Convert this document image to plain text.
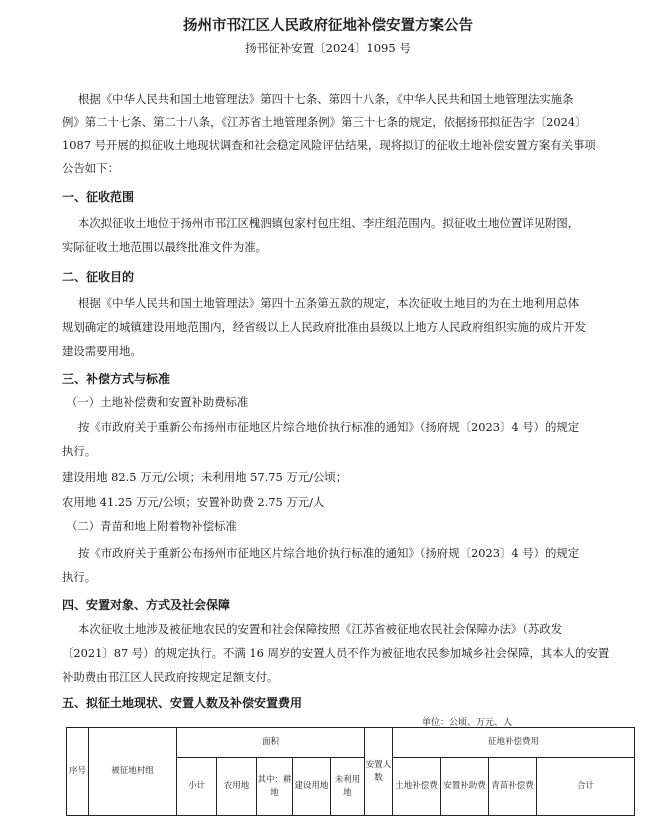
扬州市邗江区人民政府征地补偿安置方案公告
扬邗征补安置〔2024〕1095 号
根据《中华人民共和国土地管理法》第四十七条、第四十八条，《中华人民共和国土地管理法实施条
例》第二十七条、第二十八条，《江苏省土地管理条例》第三十七条的规定，依据扬邗拟征告字〔2024〕
1087 号开展的拟征收土地现状调查和社会稳定风险评估结果，现将拟订的征收土地补偿安置方案有关事项
公告如下：
一、征收范围
本次拟征收土地位于扬州市邗江区槐泗镇包家村包庄组、李庄组范围内。拟征收土地位置详见附图，
实际征收土地范围以最终批准文件为准。
二、征收目的
根据《中华人民共和国土地管理法》第四十五条第五款的规定，本次征收土地目的为在土地利用总体
规划确定的城镇建设用地范围内，经省级以上人民政府批准由县级以上地方人民政府组织实施的成片开发
建设需要用地。
三、补偿方式与标准
（一）土地补偿费和安置补助费标准
按《市政府关于重新公布扬州市征地区片综合地价执行标准的通知》（扬府规〔2023〕4 号）的规定
执行。
建设用地 82.5 万元/公顷；未利用地 57.75 万元/公顷；
农用地 41.25 万元/公顷；安置补助费 2.75 万元/人
（二）青苗和地上附着物补偿标准
按《市政府关于重新公布扬州市征地区片综合地价执行标准的通知》（扬府规〔2023〕4 号）的规定
执行。
四、安置对象、方式及社会保障
本次征收土地涉及被征地农民的安置和社会保障按照《江苏省被征地农民社会保障办法》（苏政发
〔2021〕87 号）的规定执行。不满 16 周岁的安置人员不作为被征地农民参加城乡社会保障，其本人的安置
补助费由邗江区人民政府按规定足额支付。
五、拟征土地现状、安置人数及补偿安置费用
单位：公顷、万元、人
序号	被征地村组	面积					安置人数	征地补偿费用			
		小计	农用地	其中：耕地	建设用地	未利用地		土地补偿费	安置补助费	青苗补偿费	合计
